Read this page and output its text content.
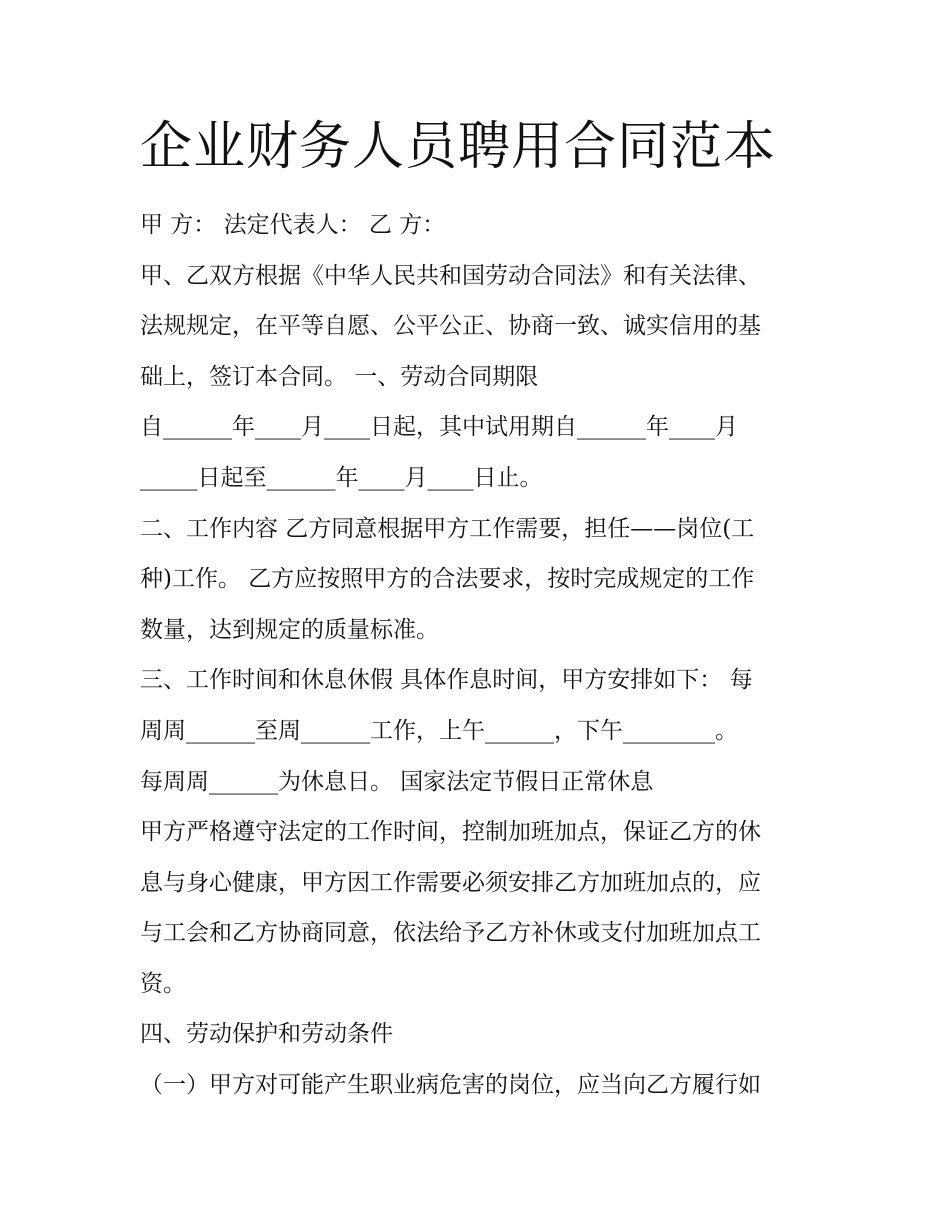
企业财务人员聘用合同范本

甲 方： 法定代表人： 乙 方：

甲、乙双方根据《中华人民共和国劳动合同法》和有关法律、

法规规定，在平等自愿、公平公正、协商一致、诚实信用的基

础上，签订本合同。 一、劳动合同期限

自______年____月____日起，其中试用期自______年____月

_____日起至______年____月____日止。

二、工作内容 乙方同意根据甲方工作需要，担任——岗位(工

种)工作。 乙方应按照甲方的合法要求，按时完成规定的工作

数量，达到规定的质量标准。

三、工作时间和休息休假 具体作息时间，甲方安排如下： 每

周周______至周______工作，上午______，下午________。

每周周______为休息日。 国家法定节假日正常休息

甲方严格遵守法定的工作时间，控制加班加点，保证乙方的休

息与身心健康，甲方因工作需要必须安排乙方加班加点的，应

与工会和乙方协商同意，依法给予乙方补休或支付加班加点工

资。

四、劳动保护和劳动条件

（一）甲方对可能产生职业病危害的岗位，应当向乙方履行如
